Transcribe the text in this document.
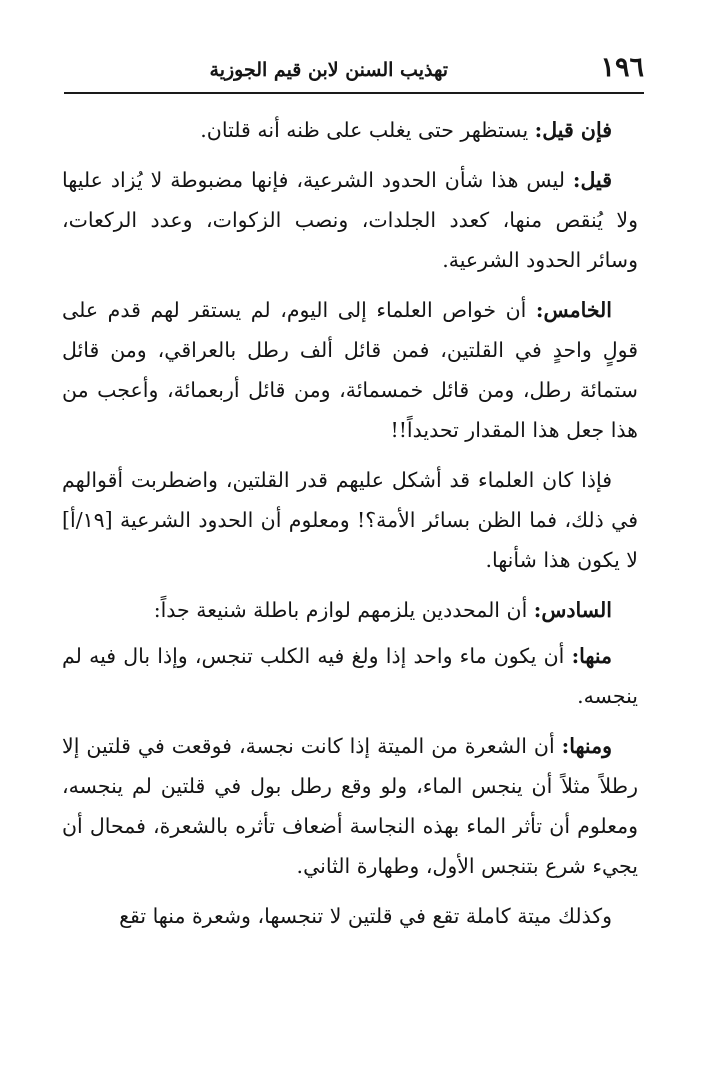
١٩٦
تهذيب السنن لابن قيم الجوزية

فإن قيل: يستظهر حتى يغلب على ظنه أنه قلتان.

قيل: ليس هذا شأن الحدود الشرعية، فإنها مضبوطة لا يُزاد عليها ولا يُنقص منها، كعدد الجلدات، ونصب الزكوات، وعدد الركعات، وسائر الحدود الشرعية.

الخامس: أن خواص العلماء إلى اليوم، لم يستقر لهم قدم على قولٍ واحدٍ في القلتين، فمن قائل ألف رطل بالعراقي، ومن قائل ستمائة رطل، ومن قائل خمسمائة، ومن قائل أربعمائة، وأعجب من هذا جعل هذا المقدار تحديداً!!

فإذا كان العلماء قد أشكل عليهم قدر القلتين، واضطربت أقوالهم في ذلك، فما الظن بسائر الأمة؟! ومعلوم أن الحدود الشرعية [١٩/أ] لا يكون هذا شأنها.

السادس: أن المحددين يلزمهم لوازم باطلة شنيعة جداً:

منها: أن يكون ماء واحد إذا ولغ فيه الكلب تنجس، وإذا بال فيه لم ينجسه.

ومنها: أن الشعرة من الميتة إذا كانت نجسة، فوقعت في قلتين إلا رطلاً مثلاً أن ينجس الماء، ولو وقع رطل بول في قلتين لم ينجسه، ومعلوم أن تأثر الماء بهذه النجاسة أضعاف تأثره بالشعرة، فمحال أن يجيء شرع بتنجس الأول، وطهارة الثاني.

وكذلك ميتة كاملة تقع في قلتين لا تنجسها، وشعرة منها تقع
